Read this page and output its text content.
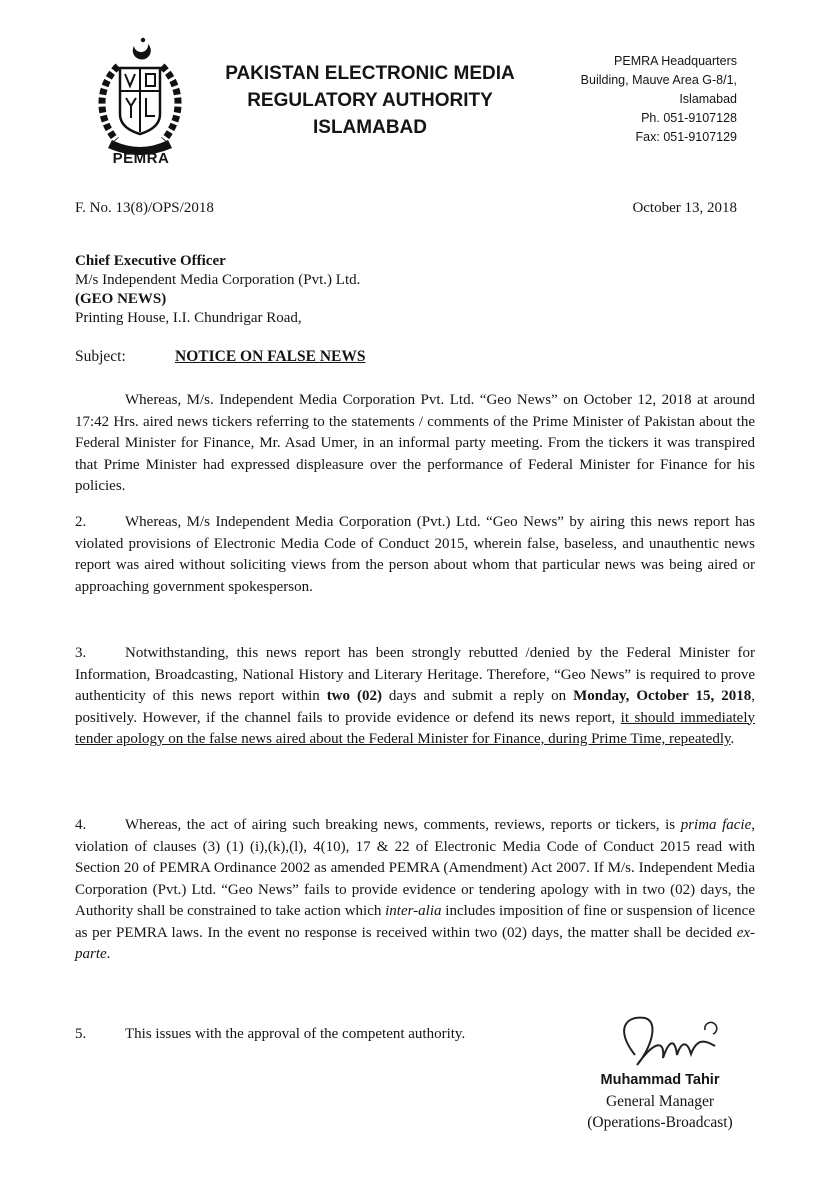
PEMRA
PAKISTAN ELECTRONIC MEDIA
REGULATORY AUTHORITY
ISLAMABAD
PEMRA Headquarters
Building, Mauve Area G-8/1,
Islamabad
Ph. 051-9107128
Fax: 051-9107129
F. No. 13(8)/OPS/2018	October 13, 2018
Chief Executive Officer
M/s Independent Media Corporation (Pvt.) Ltd.
(GEO NEWS)
Printing House, I.I. Chundrigar Road,
Subject:	NOTICE ON FALSE NEWS
Whereas, M/s. Independent Media Corporation Pvt. Ltd. “Geo News” on October 12, 2018 at around 17:42 Hrs. aired news tickers referring to the statements / comments of the Prime Minister of Pakistan about the Federal Minister for Finance, Mr. Asad Umer, in an informal party meeting. From the tickers it was transpired that Prime Minister had expressed displeasure over the performance of Federal Minister for Finance for his policies.
2.	Whereas, M/s Independent Media Corporation (Pvt.) Ltd. “Geo News” by airing this news report has violated provisions of Electronic Media Code of Conduct 2015, wherein false, baseless, and unauthentic news report was aired without soliciting views from the person about whom that particular news was being aired or approaching government spokesperson.
3.	Notwithstanding, this news report has been strongly rebutted /denied by the Federal Minister for Information, Broadcasting, National History and Literary Heritage. Therefore, “Geo News” is required to prove authenticity of this news report within two (02) days and submit a reply on Monday, October 15, 2018, positively. However, if the channel fails to provide evidence or defend its news report, it should immediately tender apology on the false news aired about the Federal Minister for Finance, during Prime Time, repeatedly.
4.	Whereas, the act of airing such breaking news, comments, reviews, reports or tickers, is prima facie, violation of clauses (3) (1) (i),(k),(l), 4(10), 17 & 22 of Electronic Media Code of Conduct 2015 read with Section 20 of PEMRA Ordinance 2002 as amended PEMRA (Amendment) Act 2007. If M/s. Independent Media Corporation (Pvt.) Ltd. “Geo News” fails to provide evidence or tendering apology with in two (02) days, the Authority shall be constrained to take action which inter-alia includes imposition of fine or suspension of licence as per PEMRA laws. In the event no response is received within two (02) days, the matter shall be decided ex-parte.
5.	This issues with the approval of the competent authority.
Muhammad Tahir
General Manager
(Operations-Broadcast)
